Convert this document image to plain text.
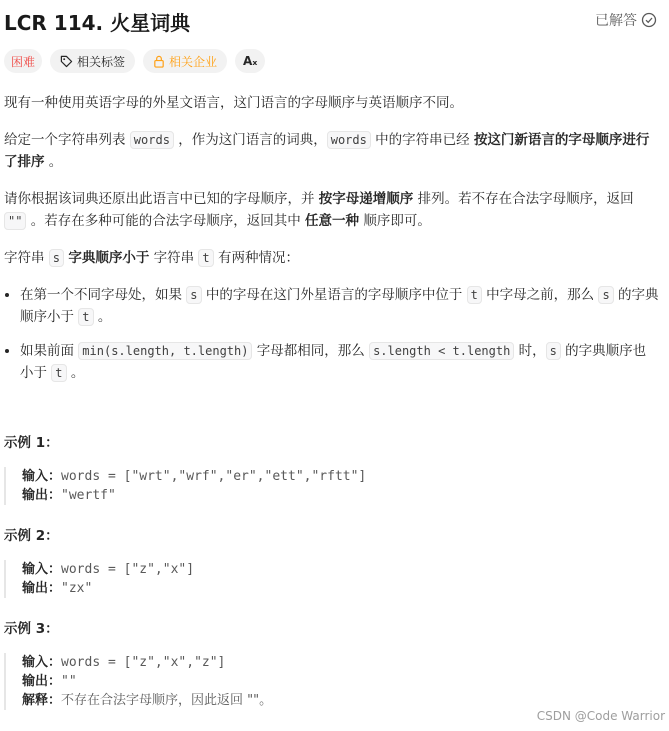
LCR 114. 火星词典	已解答
困难	相关标签	相关企业 Aₓ

现有一种使用英语字母的外星文语言，这门语言的字母顺序与英语顺序不同。

给定一个字符串列表 words ，作为这门语言的词典， words 中的字符串已经 按这门新语言的字母顺序进行了排序 。

请你根据该词典还原出此语言中已知的字母顺序，并 按字母递增顺序 排列。若不存在合法字母顺序，返回 "" 。若存在多种可能的合法字母顺序，返回其中 任意一种 顺序即可。

字符串 s 字典顺序小于 字符串 t 有两种情况：

• 在第一个不同字母处，如果 s 中的字母在这门外星语言的字母顺序中位于 t 中字母之前，那么 s 的字典顺序小于 t 。
• 如果前面 min(s.length, t.length) 字母都相同，那么 s.length < t.length 时， s 的字典顺序也小于 t 。
示例 1：
输入：words = ["wrt","wrf","er","ett","rftt"]
输出："wertf"
示例 2：
输入：words = ["z","x"]
输出："zx"
示例 3：
输入：words = ["z","x","z"]
输出：""
解释：不存在合法字母顺序，因此返回 ""。
CSDN @Code Warrior
